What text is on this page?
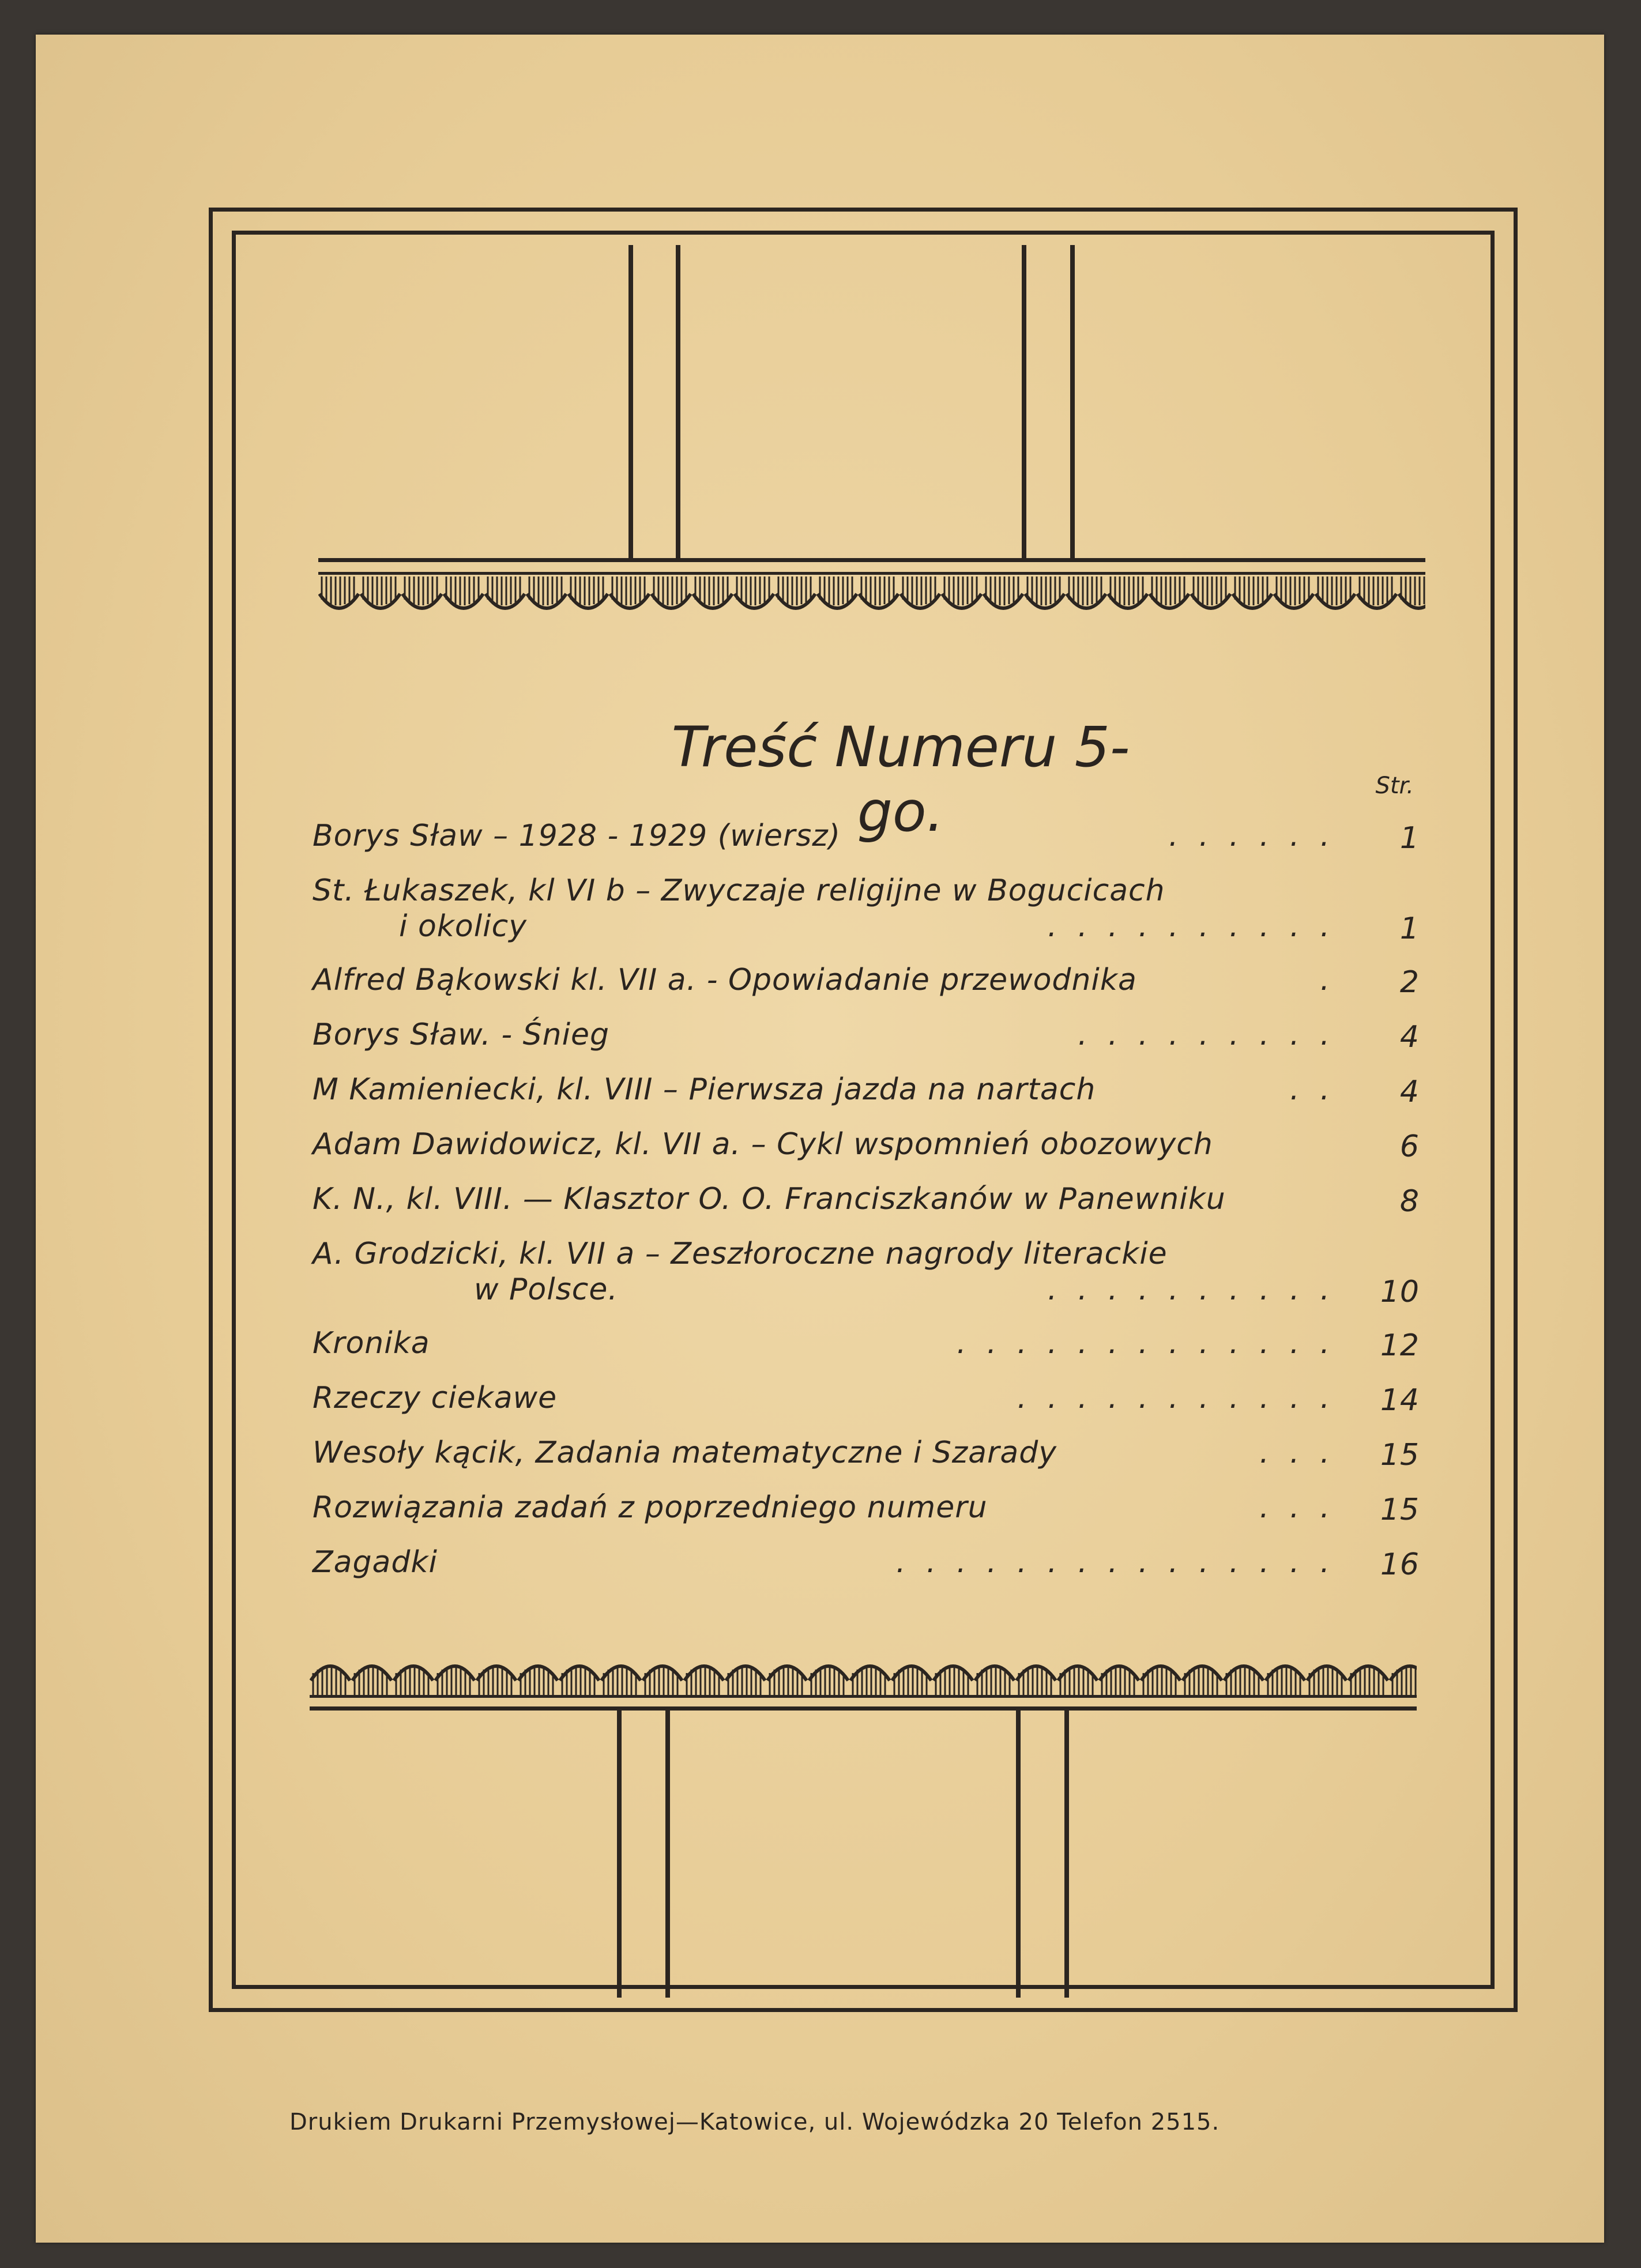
Treść Numeru 5-go.	Str.
Borys Sław – 1928 - 1929 (wiersz)	......	1
St. Łukaszek, kl VI b – Zwyczaje religijne w Bogucicach
i okolicy	..........	1
Alfred Bąkowski kl. VII a. - Opowiadanie przewodnika	.	2
Borys Sław. - Śnieg	.........	4
M Kamieniecki, kl. VIII – Pierwsza jazda na nartach	..	4
Adam Dawidowicz, kl. VII a. – Cykl wspomnień obozowych	6
K. N., kl. VIII. — Klasztor O. O. Franciszkanów w Panewniku	8
A. Grodzicki, kl. VII a – Zeszłoroczne nagrody literackie
w Polsce.	.......... 10
Kronika	............. 12
Rzeczy ciekawe	........... 14
Wesoły kącik, Zadania matematyczne i Szarady	... 15
Rozwiązania zadań z poprzedniego numeru	... 15
Zagadki	............... 16
Drukiem Drukarni Przemysłowej—Katowice, ul. Wojewódzka 20 Telefon 2515.
